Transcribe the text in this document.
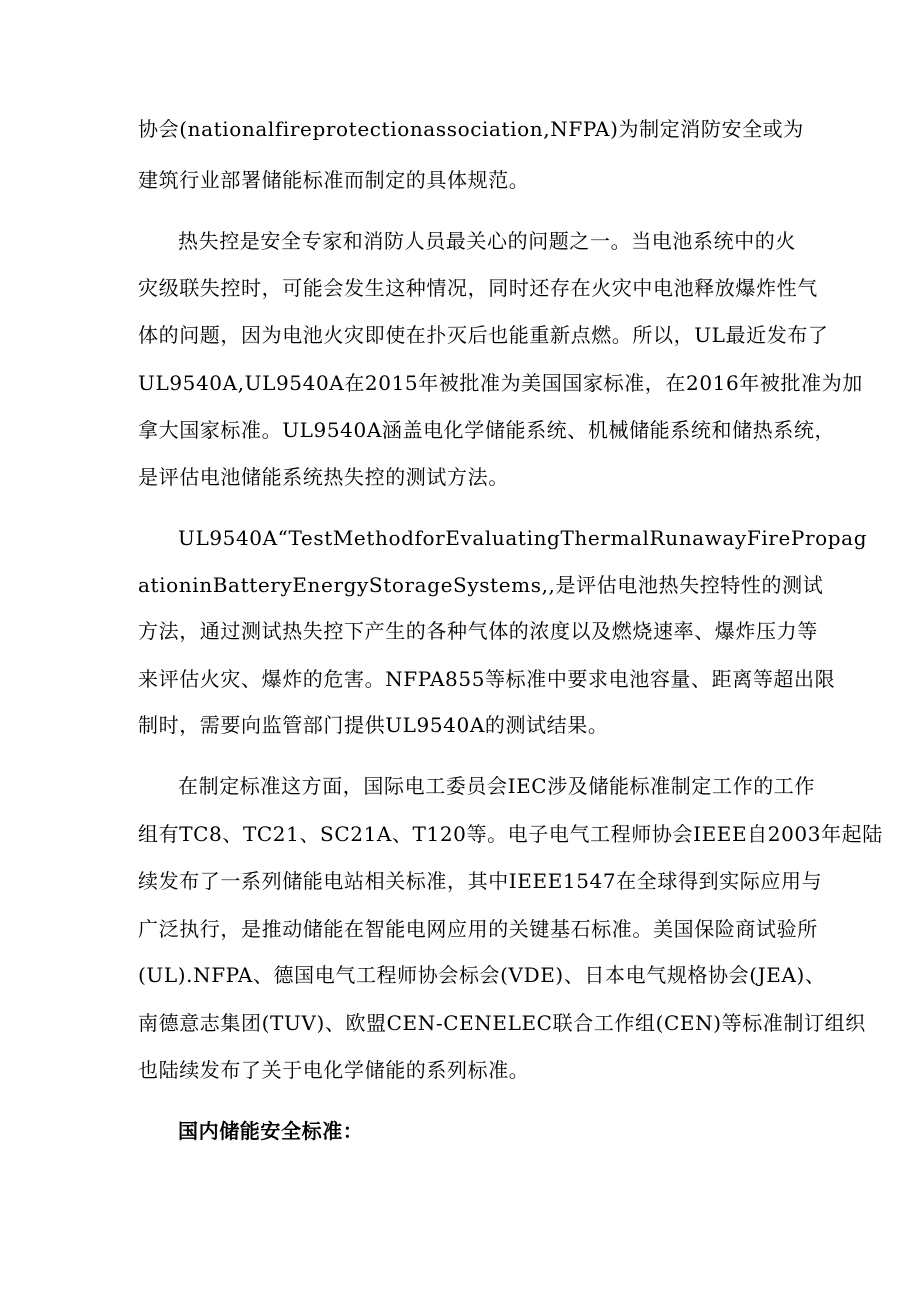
协会(nationalfireprotectionassociation,NFPA)为制定消防安全或为
建筑行业部署储能标准而制定的具体规范。
热失控是安全专家和消防人员最关心的问题之一。当电池系统中的火
灾级联失控时，可能会发生这种情况，同时还存在火灾中电池释放爆炸性气
体的问题，因为电池火灾即使在扑灭后也能重新点燃。所以，UL最近发布了
UL9540A,UL9540A在2015年被批准为美国国家标准，在2016年被批准为加
拿大国家标准。UL9540A涵盖电化学储能系统、机械储能系统和储热系统，
是评估电池储能系统热失控的测试方法。
UL9540A“TestMethodforEvaluatingThermalRunawayFirePropag
ationinBatteryEnergyStorageSystems,,是评估电池热失控特性的测试
方法，通过测试热失控下产生的各种气体的浓度以及燃烧速率、爆炸压力等
来评估火灾、爆炸的危害。NFPA855等标准中要求电池容量、距离等超出限
制时，需要向监管部门提供UL9540A的测试结果。
在制定标准这方面，国际电工委员会IEC涉及储能标准制定工作的工作
组有TC8、TC21、SC21A、T120等。电子电气工程师协会IEEE自2003年起陆
续发布了一系列储能电站相关标准，其中IEEE1547在全球得到实际应用与
广泛执行，是推动储能在智能电网应用的关键基石标准。美国保险商试验所
(UL).NFPA、德国电气工程师协会标会(VDE)、日本电气规格协会(JEA)、
南德意志集团(TUV)、欧盟CEN-CENELEC联合工作组(CEN)等标准制订组织
也陆续发布了关于电化学储能的系列标准。
国内储能安全标准：
